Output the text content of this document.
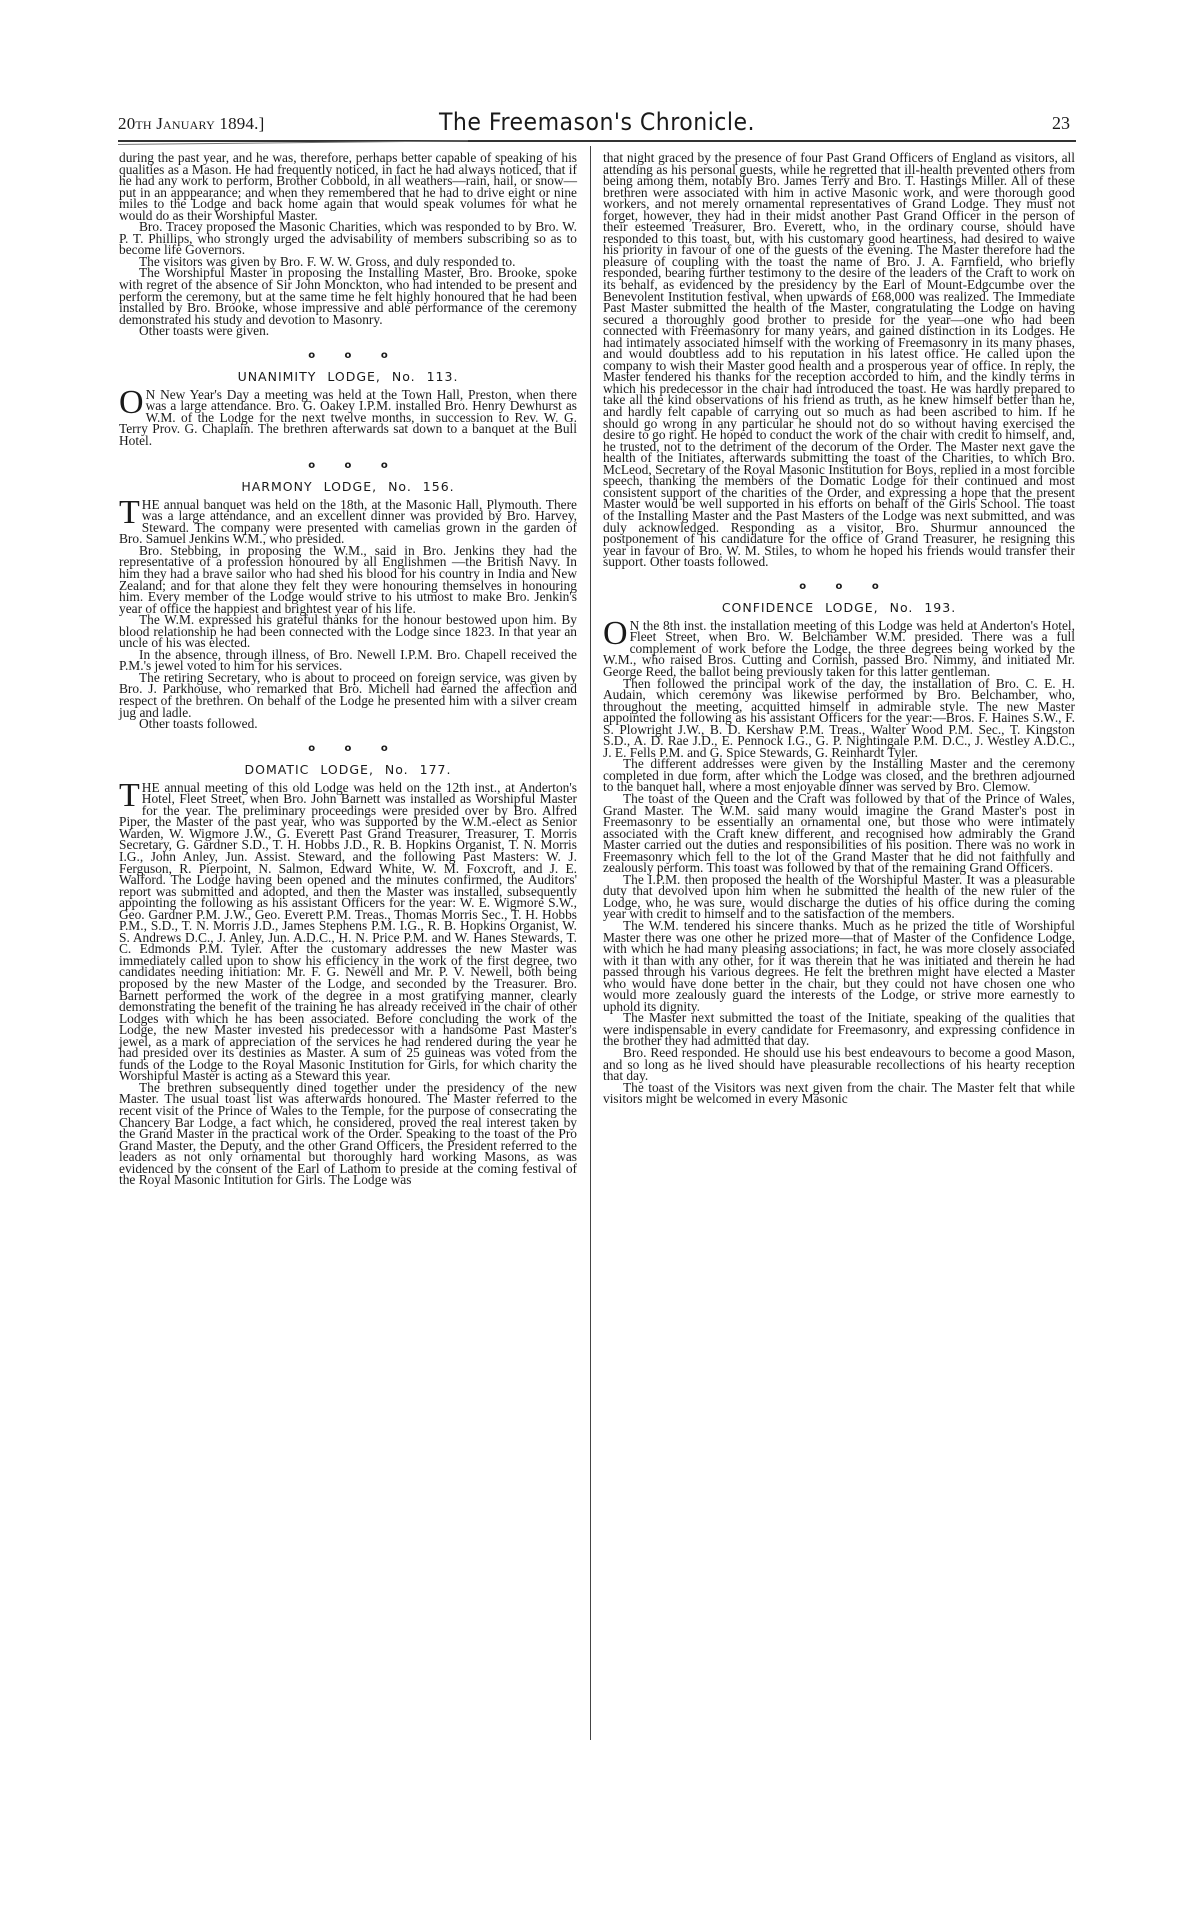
20th January 1894.]	The Freemason's Chronicle.	23

during the past year, and he was, therefore, perhaps better capable of speaking of his qualities as a Mason. He had frequently noticed, in fact he had always noticed, that if he had any work to perform, Brother Cobbold, in all weathers—rain, hail, or snow—put in an apppearance; and when they remembered that he had to drive eight or nine miles to the Lodge and back home again that would speak volumes for what he would do as their Worshipful Master.

Bro. Tracey proposed the Masonic Charities, which was responded to by Bro. W. P. T. Phillips, who strongly urged the advisability of members subscribing so as to become life Governors.

The visitors was given by Bro. F. W. W. Gross, and duly responded to.

The Worshipful Master in proposing the Installing Master, Bro. Brooke, spoke with regret of the absence of Sir John Monckton, who had intended to be present and perform the ceremony, but at the same time he felt highly honoured that he had been installed by Bro. Brooke, whose impressive and able performance of the ceremony demonstrated his study and devotion to Masonry.

Other toasts were given.

o o o
UNANIMITY LODGE, No. 113.

O N New Year's Day a meeting was held at the Town Hall, Preston, when there was a large attendance. Bro. G. Oakey I.P.M. installed Bro. Henry Dewhurst as W.M. of the Lodge for the next twelve months, in succession to Rev. W. G. Terry Prov. G. Chaplain. The brethren afterwards sat down to a banquet at the Bull Hotel.

o o o
HARMONY LODGE, No. 156.

THE annual banquet was held on the 18th, at the Masonic Hall, Plymouth. There was a large attendance, and an excellent dinner was provided by Bro. Harvey, Steward. The company were presented with camelias grown in the garden of Bro. Samuel Jenkins W.M., who presided.

Bro. Stebbing, in proposing the W.M., said in Bro. Jenkins they had the representative of a profession honoured by all Englishmen —the British Navy. In him they had a brave sailor who had shed his blood for his country in India and New Zealand; and for that alone they felt they were honouring themselves in honouring him. Every member of the Lodge would strive to his utmost to make Bro. Jenkin's year of office the happiest and brightest year of his life.

The W.M. expressed his grateful thanks for the honour bestowed upon him. By blood relationship he had been connected with the Lodge since 1823. In that year an uncle of his was elected.

In the absence, through illness, of Bro. Newell I.P.M. Bro. Chapell received the P.M.'s jewel voted to him for his services.

The retiring Secretary, who is about to proceed on foreign service, was given by Bro. J. Parkhouse, who remarked that Bro. Michell had earned the affection and respect of the brethren. On behalf of the Lodge he presented him with a silver cream jug and ladle.

Other toasts followed.

o o o
DOMATIC LODGE, No. 177.

THE annual meeting of this old Lodge was held on the 12th inst., at Anderton's Hotel, Fleet Street, when Bro. John Barnett was installed as Worshipful Master for the year. The preliminary proceedings were presided over by Bro. Alfred Piper, the Master of the past year, who was supported by the W.M.-elect as Senior Warden, W. Wigmore J.W., G. Everett Past Grand Treasurer, Treasurer, T. Morris Secretary, G. Gardner S.D., T. H. Hobbs J.D., R. B. Hopkins Organist, T. N. Morris I.G., John Anley, Jun. Assist. Steward, and the following Past Masters: W. J. Ferguson, R. Pierpoint, N. Salmon, Edward White, W. M. Foxcroft, and J. E. Walford. The Lodge having been opened and the minutes confirmed, the Auditors' report was submitted and adopted, and then the Master was installed, subsequently appointing the following as his assistant Officers for the year: W. E. Wigmore S.W., Geo. Gardner P.M. J.W., Geo. Everett P.M. Treas., Thomas Morris Sec., T. H. Hobbs P.M., S.D., T. N. Morris J.D., James Stephens P.M. I.G., R. B. Hopkins Organist, W. S. Andrews D.C., J. Anley, Jun. A.D.C., H. N. Price P.M. and W. Hanes Stewards, T. C. Edmonds P.M. Tyler. After the customary addresses the new Master was immediately called upon to show his efficiency in the work of the first degree, two candidates needing initiation: Mr. F. G. Newell and Mr. P. V. Newell, both being proposed by the new Master of the Lodge, and seconded by the Treasurer. Bro. Barnett performed the work of the degree in a most gratifying manner, clearly demonstrating the benefit of the training he has already received in the chair of other Lodges with which he has been associated. Before concluding the work of the Lodge, the new Master invested his predecessor with a handsome Past Master's jewel, as a mark of appreciation of the services he had rendered during the year he had presided over its destinies as Master. A sum of 25 guineas was voted from the funds of the Lodge to the Royal Masonic Institution for Girls, for which charity the Worshipful Master is acting as a Steward this year.

The brethren subsequently dined together under the presidency of the new Master. The usual toast list was afterwards honoured. The Master referred to the recent visit of the Prince of Wales to the Temple, for the purpose of consecrating the Chancery Bar Lodge, a fact which, he considered, proved the real interest taken by the Grand Master in the practical work of the Order. Speaking to the toast of the Pro Grand Master, the Deputy, and the other Grand Officers, the President referred to the leaders as not only ornamental but thoroughly hard working Masons, as was evidenced by the consent of the Earl of Lathom to preside at the coming festival of the Royal Masonic Intitution for Girls. The Lodge was

that night graced by the presence of four Past Grand Officers of England as visitors, all attending as his personal guests, while he regretted that ill-health prevented others from being among them, notably Bro. James Terry and Bro. T. Hastings Miller. All of these brethren were associated with him in active Masonic work, and were thorough good workers, and not merely ornamental representatives of Grand Lodge. They must not forget, however, they had in their midst another Past Grand Officer in the person of their esteemed Treasurer, Bro. Everett, who, in the ordinary course, should have responded to this toast, but, with his customary good heartiness, had desired to waive his priority in favour of one of the guests of the evening. The Master therefore had the pleasure of coupling with the toast the name of Bro. J. A. Farnfield, who briefly responded, bearing further testimony to the desire of the leaders of the Craft to work on its behalf, as evidenced by the presidency by the Earl of Mount-Edgcumbe over the Benevolent Institution festival, when upwards of £68,000 was realized. The Immediate Past Master submitted the health of the Master, congratulating the Lodge on having secured a thoroughly good brother to preside for the year—one who had been connected with Freemasonry for many years, and gained distinction in its Lodges. He had intimately associated himself with the working of Freemasonry in its many phases, and would doubtless add to his reputation in his latest office. He called upon the company to wish their Master good health and a prosperous year of office. In reply, the Master tendered his thanks for the reception accorded to him, and the kindly terms in which his predecessor in the chair had introduced the toast. He was hardly prepared to take all the kind observations of his friend as truth, as he knew himself better than he, and hardly felt capable of carrying out so much as had been ascribed to him. If he should go wrong in any particular he should not do so without having exercised the desire to go right. He hoped to conduct the work of the chair with credit to himself, and, he trusted, not to the detriment of the decorum of the Order. The Master next gave the health of the Initiates, afterwards submitting the toast of the Charities, to which Bro. McLeod, Secretary of the Royal Masonic Institution for Boys, replied in a most forcible speech, thanking the members of the Domatic Lodge for their continued and most consistent support of the charities of the Order, and expressing a hope that the present Master would be well supported in his efforts on behalf of the Girls School. The toast of the Installing Master and the Past Masters of the Lodge was next submitted, and was duly acknowledged. Responding as a visitor, Bro. Shurmur announced the postponement of his candidature for the office of Grand Treasurer, he resigning this year in favour of Bro. W. M. Stiles, to whom he hoped his friends would transfer their support. Other toasts followed.

o o o
CONFIDENCE LODGE, No. 193.

O N the 8th inst. the installation meeting of this Lodge was held at Anderton's Hotel, Fleet Street, when Bro. W. Belchamber W.M. presided. There was a full complement of work before the Lodge, the three degrees being worked by the W.M., who raised Bros. Cutting and Cornish, passed Bro. Nimmy, and initiated Mr. George Reed, the ballot being previously taken for this latter gentleman.

Then followed the principal work of the day, the installation of Bro. C. E. H. Audain, which ceremony was likewise performed by Bro. Belchamber, who, throughout the meeting, acquitted himself in admirable style. The new Master appointed the following as his assistant Officers for the year:—Bros. F. Haines S.W., F. S. Plowright J.W., B. D. Kershaw P.M. Treas., Walter Wood P.M. Sec., T. Kingston S.D., A. D. Rae J.D., E. Pennock I.G., G. P. Nightingale P.M. D.C., J. Westley A.D.C., J. E. Fells P.M. and G. Spice Stewards, G. Reinhardt Tyler.

The different addresses were given by the Installing Master and the ceremony completed in due form, after which the Lodge was closed, and the brethren adjourned to the banquet hall, where a most enjoyable dinner was served by Bro. Clemow.

The toast of the Queen and the Craft was followed by that of the Prince of Wales, Grand Master. The W.M. said many would imagine the Grand Master's post in Freemasonry to be essentially an ornamental one, but those who were intimately associated with the Craft knew different, and recognised how admirably the Grand Master carried out the duties and responsibilities of his position. There was no work in Freemasonry which fell to the lot of the Grand Master that he did not faithfully and zealously perform. This toast was followed by that of the remaining Grand Officers.

The I.P.M. then proposed the health of the Worshipful Master. It was a pleasurable duty that devolved upon him when he submitted the health of the new ruler of the Lodge, who, he was sure, would discharge the duties of his office during the coming year with credit to himself and to the satisfaction of the members.

The W.M. tendered his sincere thanks. Much as he prized the title of Worshipful Master there was one other he prized more—that of Master of the Confidence Lodge, with which he had many pleasing associations; in fact, he was more closely associated with it than with any other, for it was therein that he was initiated and therein he had passed through his various degrees. He felt the brethren might have elected a Master who would have done better in the chair, but they could not have chosen one who would more zealously guard the interests of the Lodge, or strive more earnestly to uphold its dignity.

The Master next submitted the toast of the Initiate, speaking of the qualities that were indispensable in every candidate for Freemasonry, and expressing confidence in the brother they had admitted that day.

Bro. Reed responded. He should use his best endeavours to become a good Mason, and so long as he lived should have pleasurable recollections of his hearty reception that day.

The toast of the Visitors was next given from the chair. The Master felt that while visitors might be welcomed in every Masonic
